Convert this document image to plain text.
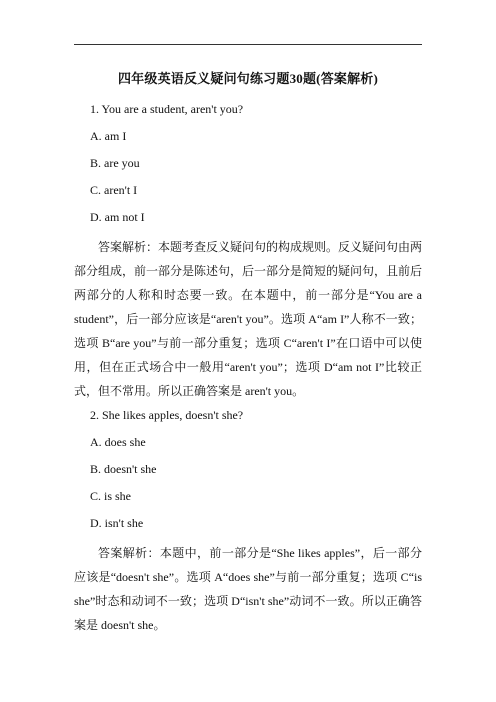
四年级英语反义疑问句练习题30题(答案解析)

1. You are a student, aren't you?

A. am I

B. are you

C. aren't I

D. am not I

答案解析：本题考查反义疑问句的构成规则。反义疑问句由两部分组成，前一部分是陈述句，后一部分是简短的疑问句，且前后两部分的人称和时态要一致。在本题中，前一部分是“You are a student”，后一部分应该是“aren't you”。选项 A“am I”人称不一致；选项 B“are you”与前一部分重复；选项 C“aren't I”在口语中可以使用，但在正式场合中一般用“aren't you”；选项 D“am not I”比较正式，但不常用。所以正确答案是 aren't you。

2. She likes apples, doesn't she?

A. does she

B. doesn't she

C. is she

D. isn't she

答案解析：本题中，前一部分是“She likes apples”，后一部分应该是“doesn't she”。选项 A“does she”与前一部分重复；选项 C“is she”时态和动词不一致；选项 D“isn't she”动词不一致。所以正确答案是 doesn't she。
